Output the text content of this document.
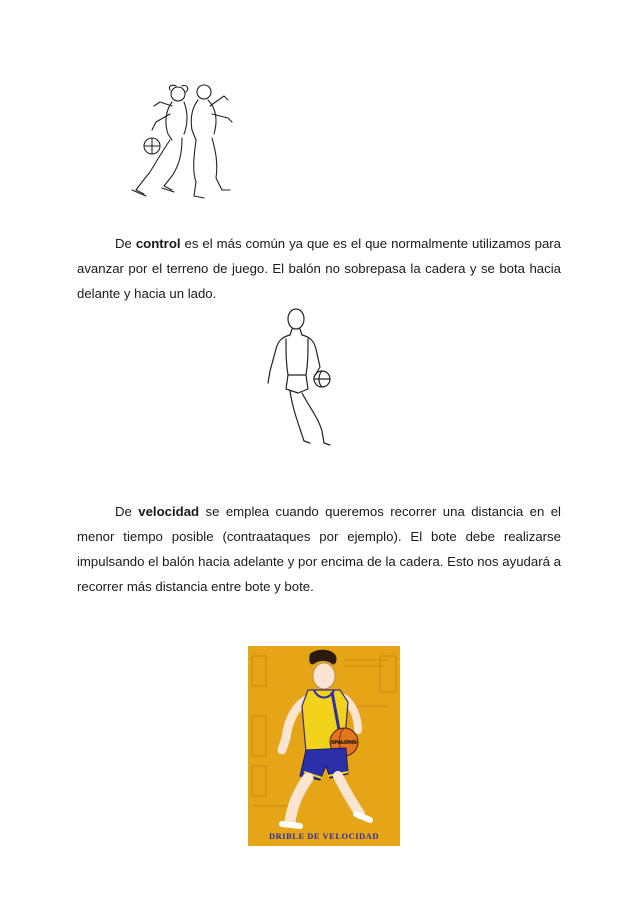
De control es el más común ya que es el que normalmente utilizamos para avanzar por el terreno de juego. El balón no sobrepasa la cadera y se bota hacia delante y hacia un lado.

De velocidad se emplea cuando queremos recorrer una distancia en el menor tiempo posible (contraataques por ejemplo). El bote debe realizarse impulsando el balón hacia adelante y por encima de la cadera. Esto nos ayudará a recorrer más distancia entre bote y bote.

SPALDING
DRIBLE DE VELOCIDAD
